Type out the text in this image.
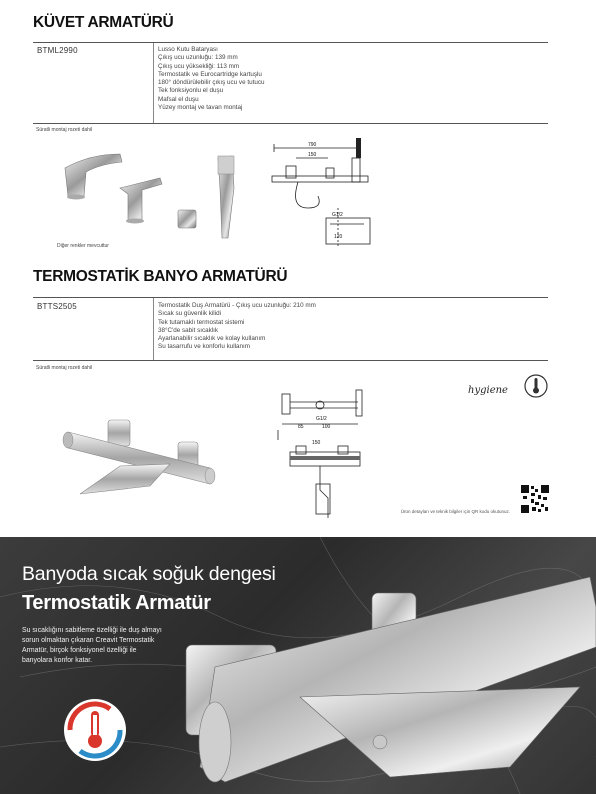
KÜVET ARMATÜRÜ
BTML2990	Lusso Kutu Bataryası
Çıkış ucu uzunluğu: 139 mm
Çıkış ucu yüksekliği: 113 mm
Termostatik ve Eurocartridge kartuşlu
180° döndürülebilir çıkış ucu ve tutucu
Tek fonksiyonlu el duşu
Mafsal el duşu
Yüzey montaj ve tavan montaj
Süratli montaj rozeti dahil
Diğer renkler mevcuttur
790
150
G1/2
120
TERMOSTATİK BANYO ARMATÜRÜ
BTTS2505	Termostatik Duş Armatürü - Çıkış ucu uzunluğu: 210 mm
Sıcak su güvenlik kilidi
Tek tutamaklı termostat sistemi
38°C'de sabit sıcaklık
Ayarlanabilir sıcaklık ve kolay kullanım
Su tasarrufu ve konforlu kullanım
Süratli montaj rozeti dahil
G1/2
85	100
150
hygiene
Ürün detayları ve teknik bilgiler için QR kodu okutunuz.
Banyoda sıcak soğuk dengesi
Termostatik Armatür
Su sıcaklığını sabitleme özelliği ile duş almayı sorun olmaktan çıkaran Creavit Termostatik Armatür, birçok fonksiyonel özelliği ile banyolara konfor katar.
